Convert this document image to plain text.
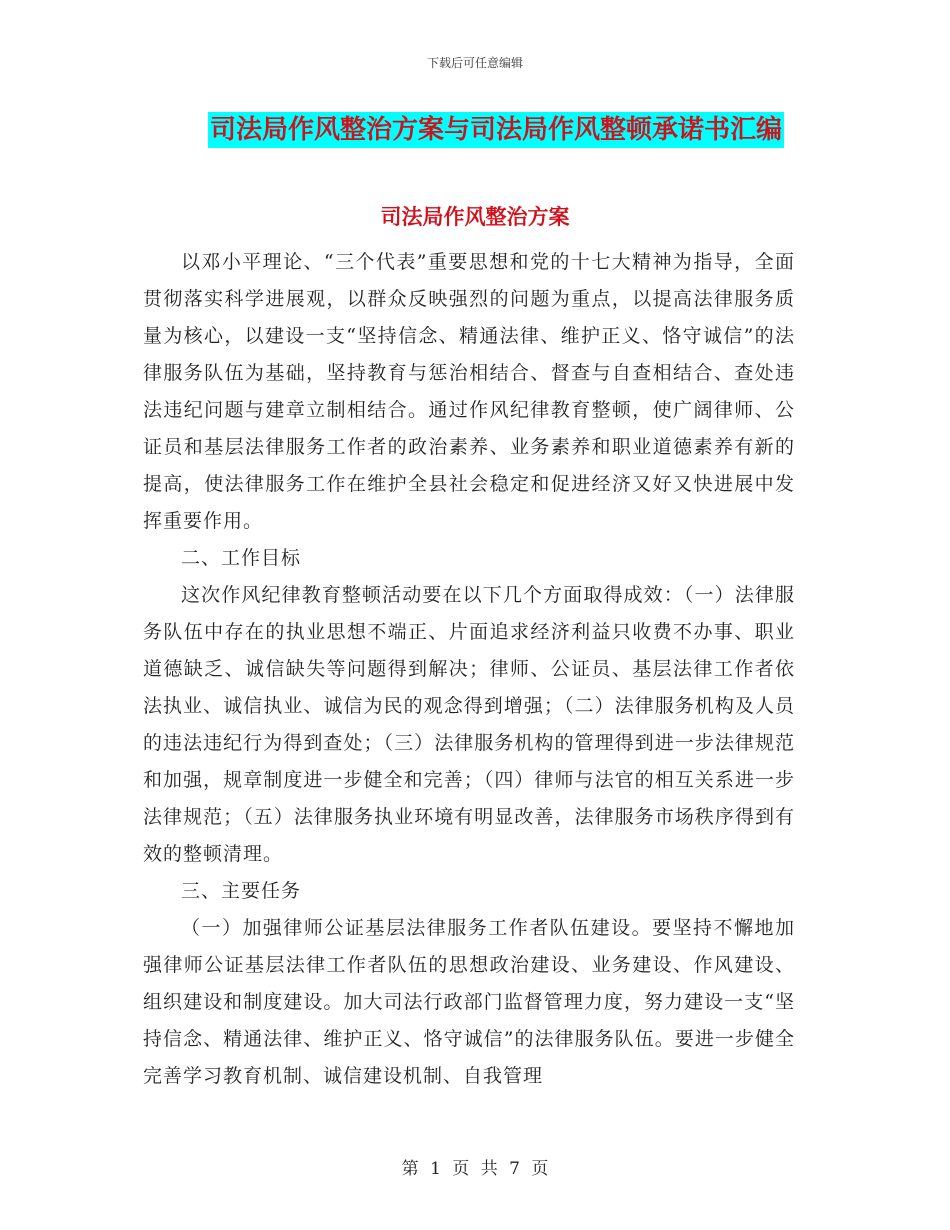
下载后可任意编辑
司法局作风整治方案与司法局作风整顿承诺书汇编
司法局作风整治方案

以邓小平理论、“三个代表”重要思想和党的十七大精神为指导，全面贯彻落实科学进展观，以群众反映强烈的问题为重点，以提高法律服务质量为核心，以建设一支“坚持信念、精通法律、维护正义、恪守诚信”的法律服务队伍为基础，坚持教育与惩治相结合、督查与自查相结合、查处违法违纪问题与建章立制相结合。通过作风纪律教育整顿，使广阔律师、公证员和基层法律服务工作者的政治素养、业务素养和职业道德素养有新的提高，使法律服务工作在维护全县社会稳定和促进经济又好又快进展中发挥重要作用。

二、工作目标

这次作风纪律教育整顿活动要在以下几个方面取得成效：（一）法律服务队伍中存在的执业思想不端正、片面追求经济利益只收费不办事、职业道德缺乏、诚信缺失等问题得到解决；律师、公证员、基层法律工作者依法执业、诚信执业、诚信为民的观念得到增强；（二）法律服务机构及人员的违法违纪行为得到查处；（三）法律服务机构的管理得到进一步法律规范和加强，规章制度进一步健全和完善；（四）律师与法官的相互关系进一步法律规范；（五）法律服务执业环境有明显改善，法律服务市场秩序得到有效的整顿清理。

三、主要任务

（一）加强律师公证基层法律服务工作者队伍建设。要坚持不懈地加强律师公证基层法律工作者队伍的思想政治建设、业务建设、作风建设、组织建设和制度建设。加大司法行政部门监督管理力度，努力建设一支“坚持信念、精通法律、维护正义、恪守诚信”的法律服务队伍。要进一步健全完善学习教育机制、诚信建设机制、自我管理

第 1 页 共 7 页
